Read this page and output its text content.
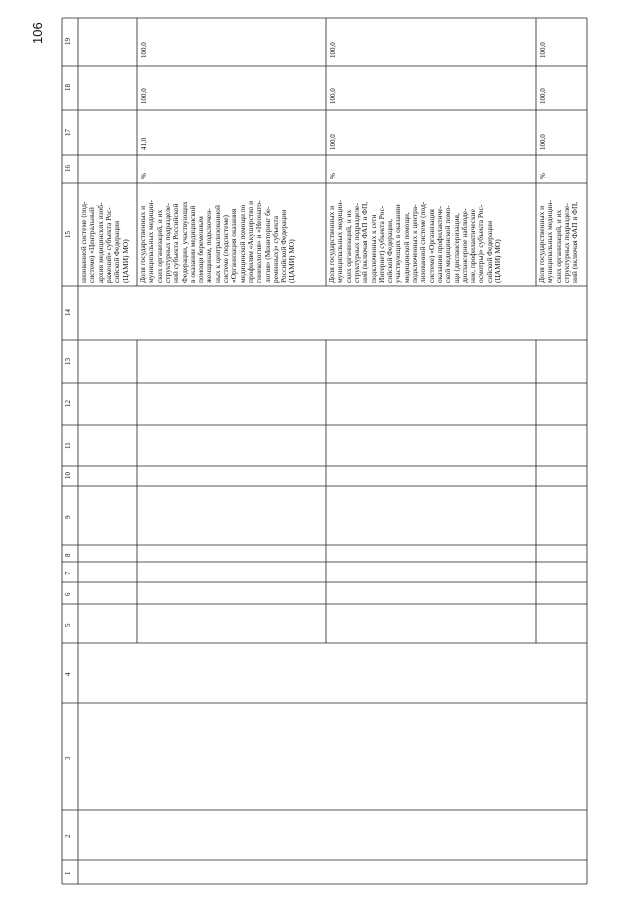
106
1
2
3
4
5
6
7
8
9
10
11
12
13
14
15
16
17
18
19
низованной системе (под- системе) «Центральный архив медицинских изоб- ражений» субъекта Рос- сийской Федерации (ЦАМИ) МО) Доля государственных и муниципальных медицин- ских организаций, и их структурных подразделе- ний субъекта Российской Федерации, участвующих в оказании медицинской помощи беременным женщинам, подключен- ных к централизованной системе (подсистеме) «Организация оказания медицинской помощи по профилям «Акушерство и гинекология» и «Неонато- логия» (Мониторинг бе- ременных)» субъекта Российской Федерации (ЦАМИ) МО)
%
41,0
100,0
100,0
Доля государственных и муниципальных медицин- ских организаций, и их структурных подразделе- ний (включая ФАП и ФП, подключенных к сети Интернет) субъекта Рос- сийской Федерации, участвующих в оказании медицинской помощи, подключенных к центра- лизованной системе (под- системе) «Организация оказания профилактиче- ской медицинской помо- щи (диспансеризация, диспансерное наблюде- ние, профилактические осмотры)» субъекта Рос- сийской Федерации (ЦАМИ) МО)
%
100,0
100,0
100,0
Доля государственных и муниципальных медицин- ских организаций, и их структурных подразделе- ний (включая ФАП и ФП,
%
100,0
100,0
100,0
